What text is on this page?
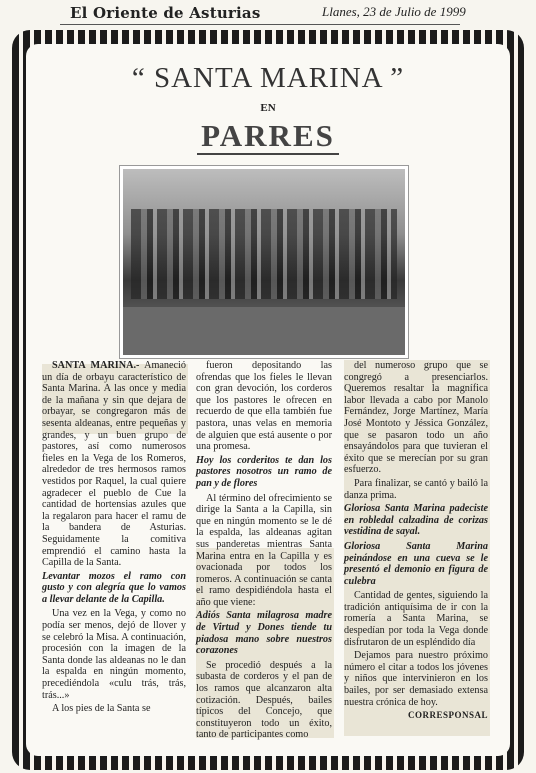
El Oriente de Asturias	Llanes, 23 de Julio de 1999
“ SANTA MARINA ”
EN
PARRES

SANTA MARINA.- Amaneció un día de orbayu característico de Santa Marina. A las once y media de la mañana y sin que dejara de orbayar, se congregaron más de sesenta aldeanas, entre pequeñas y grandes, y un buen grupo de pastores, así como numerosos fieles en la Vega de los Romeros, alrededor de tres hermosos ramos vestidos por Raquel, la cual quiere agradecer el pueblo de Cue la cantidad de hortensias azules que la regalaron para hacer el ramu de la bandera de Asturias. Seguidamente la comitiva emprendió el camino hasta la Capilla de la Santa.

Levantar mozos el ramo con gusto y con alegría que lo vamos a llevar delante de la Capilla.

Una vez en la Vega, y como no podía ser menos, dejó de llover y se celebró la Misa. A continuación, procesión con la imagen de la Santa donde las aldeanas no le dan la espalda en ningún momento, precediéndola «culu trás, trás, trás...»

A los pies de la Santa se

fueron depositando las ofrendas que los fieles le llevan con gran devoción, los corderos que los pastores le ofrecen en recuerdo de que ella también fue pastora, unas velas en memoria de alguien que está ausente o por una promesa.

Hoy los corderitos te dan los pastores nosotros un ramo de pan y de flores

Al término del ofrecimiento se dirige la Santa a la Capilla, sin que en ningún momento se le dé la espalda, las aldeanas agitan sus panderetas mientras Santa Marina entra en la Capilla y es ovacionada por todos los romeros. A continuación se canta el ramo despidiéndola hasta el año que viene:

Adiós Santa milagrosa madre de Virtud y Dones tiende tu piadosa mano sobre nuestros corazones

Se procedió después a la subasta de corderos y el pan de los ramos que alcanzaron alta cotización. Después, bailes típicos del Concejo, que constituyeron todo un éxito, tanto de participantes como

del numeroso grupo que se congregó a presenciarlos. Queremos resaltar la magnífica labor llevada a cabo por Manolo Fernández, Jorge Martínez, María José Montoto y Jéssica González, que se pasaron todo un año ensayándolos para que tuvieran el éxito que se merecían por su gran esfuerzo.

Para finalizar, se cantó y bailó la danza prima.

Gloriosa Santa Marina padeciste en robledal calzadina de corizas vestidina de sayal.

Gloriosa Santa Marina peinándose en una cueva se le presentó el demonio en figura de culebra

Cantidad de gentes, siguiendo la tradición antiquísima de ir con la romería a Santa Marina, se despedían por toda la Vega donde disfrutaron de un espléndido día

Dejamos para nuestro próximo número el citar a todos los jóvenes y niños que intervinieron en los bailes, por ser demasiado extensa nuestra crónica de hoy.

CORRESPONSAL
